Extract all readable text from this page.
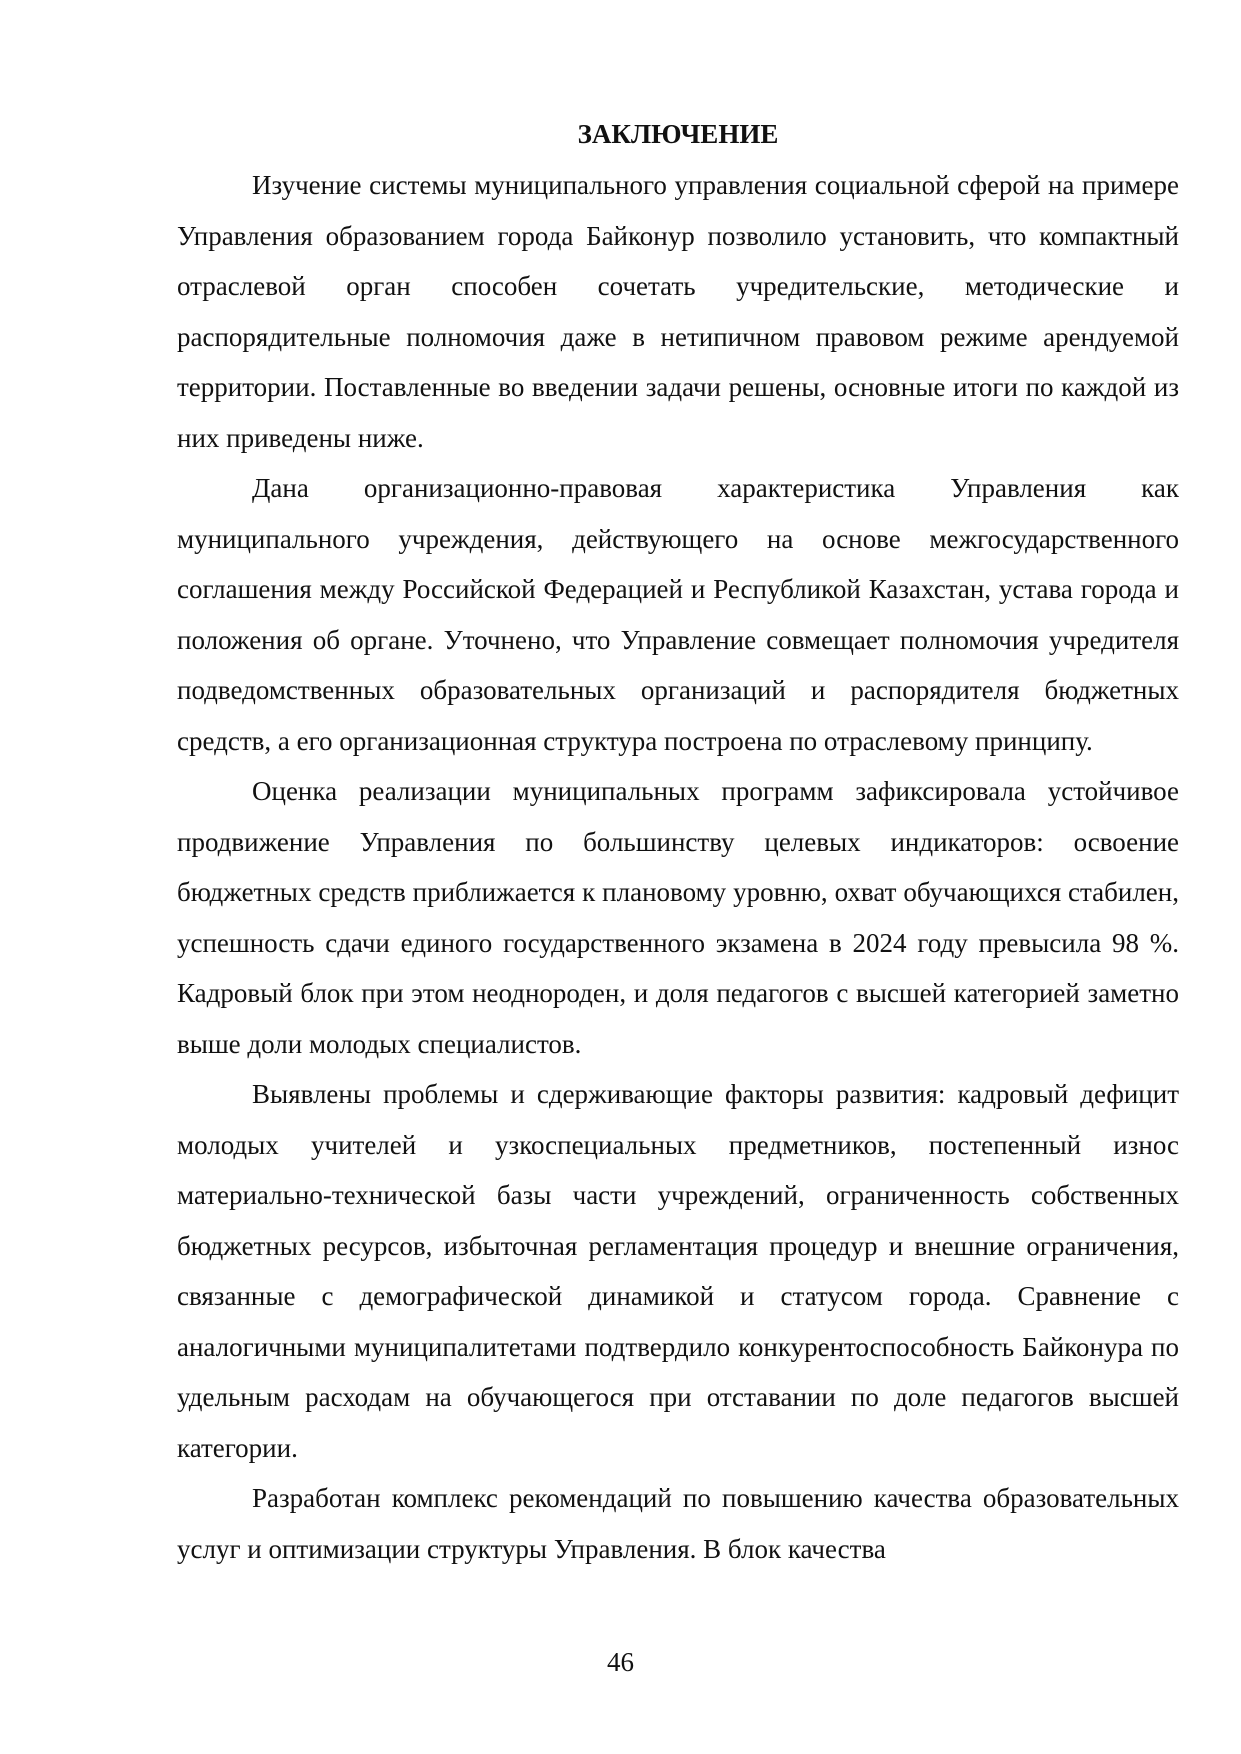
ЗАКЛЮЧЕНИЕ

Изучение системы муниципального управления социальной сферой на примере Управления образованием города Байконур позволило установить, что компактный отраслевой орган способен сочетать учредительские, методические и распорядительные полномочия даже в нетипичном правовом режиме арендуемой территории. Поставленные во введении задачи решены, основные итоги по каждой из них приведены ниже.

Дана организационно-правовая характеристика Управления как муниципального учреждения, действующего на основе межгосударственного соглашения между Российской Федерацией и Республикой Казахстан, устава города и положения об органе. Уточнено, что Управление совмещает полномочия учредителя подведомственных образовательных организаций и распорядителя бюджетных средств, а его организационная структура построена по отраслевому принципу.

Оценка реализации муниципальных программ зафиксировала устойчивое продвижение Управления по большинству целевых индикаторов: освоение бюджетных средств приближается к плановому уровню, охват обучающихся стабилен, успешность сдачи единого государственного экзамена в 2024 году превысила 98 %. Кадровый блок при этом неоднороден, и доля педагогов с высшей категорией заметно выше доли молодых специалистов.

Выявлены проблемы и сдерживающие факторы развития: кадровый дефицит молодых учителей и узкоспециальных предметников, постепенный износ материально-технической базы части учреждений, ограниченность собственных бюджетных ресурсов, избыточная регламентация процедур и внешние ограничения, связанные с демографической динамикой и статусом города. Сравнение с аналогичными муниципалитетами подтвердило конкурентоспособность Байконура по удельным расходам на обучающегося при отставании по доле педагогов высшей категории.

Разработан комплекс рекомендаций по повышению качества образовательных услуг и оптимизации структуры Управления. В блок качества

46
